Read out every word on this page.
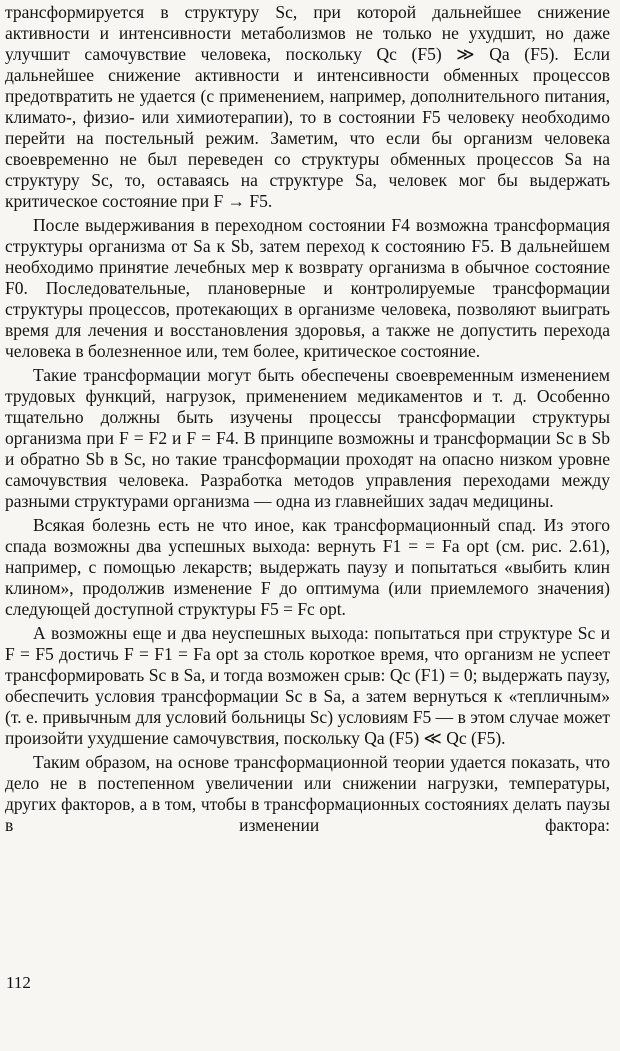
трансформируется в структуру Sc, при которой дальнейшее снижение активности и интенсивности метаболизмов не только не ухудшит, но даже улучшит самочувствие человека, поскольку Qc (F5) ≫ Qa (F5). Если дальнейшее снижение активности и интенсивности обменных процессов предотвратить не удается (с применением, например, дополнительного питания, климато-, физио- или химиотерапии), то в состоянии F5 человеку необходимо перейти на постельный режим. Заметим, что если бы организм человека своевременно не был переведен со структуры обменных процессов Sa на структуру Sc, то, оставаясь на структуре Sa, человек мог бы выдержать критическое состояние при F → F5.

После выдерживания в переходном состоянии F4 возможна трансформация структуры организма от Sa к Sb, затем переход к состоянию F5. В дальнейшем необходимо принятие лечебных мер к возврату организма в обычное состояние F0. Последовательные, плановерные и контролируемые трансформации структуры процессов, протекающих в организме человека, позволяют выиграть время для лечения и восстановления здоровья, а также не допустить перехода человека в болезненное или, тем более, критическое состояние.

Такие трансформации могут быть обеспечены своевременным изменением трудовых функций, нагрузок, применением медикаментов и т. д. Особенно тщательно должны быть изучены процессы трансформации структуры организма при F = F2 и F = F4. В принципе возможны и трансформации Sc в Sb и обратно Sb в Sc, но такие трансформации проходят на опасно низком уровне самочувствия человека. Разработка методов управления переходами между разными структурами организма — одна из главнейших задач медицины.

Всякая болезнь есть не что иное, как трансформационный спад. Из этого спада возможны два успешных выхода: вернуть F1 = = Fa opt (см. рис. 2.61), например, с помощью лекарств; выдержать паузу и попытаться «выбить клин клином», продолжив изменение F до оптимума (или приемлемого значения) следующей доступной структуры F5 = Fc opt.

А возможны еще и два неуспешных выхода: попытаться при структуре Sc и F = F5 достичь F = F1 = Fa opt за столь короткое время, что организм не успеет трансформировать Sc в Sa, и тогда возможен срыв: Qc (F1) = 0; выдержать паузу, обеспечить условия трансформации Sc в Sa, а затем вернуться к «тепличным» (т. е. привычным для условий больницы Sc) условиям F5 — в этом случае может произойти ухудшение самочувствия, поскольку Qa (F5) ≪ Qc (F5).

Таким образом, на основе трансформационной теории удается показать, что дело не в постепенном увеличении или снижении нагрузки, температуры, других факторов, а в том, чтобы в трансформационных состояниях делать паузы в изменении фактора:

112
